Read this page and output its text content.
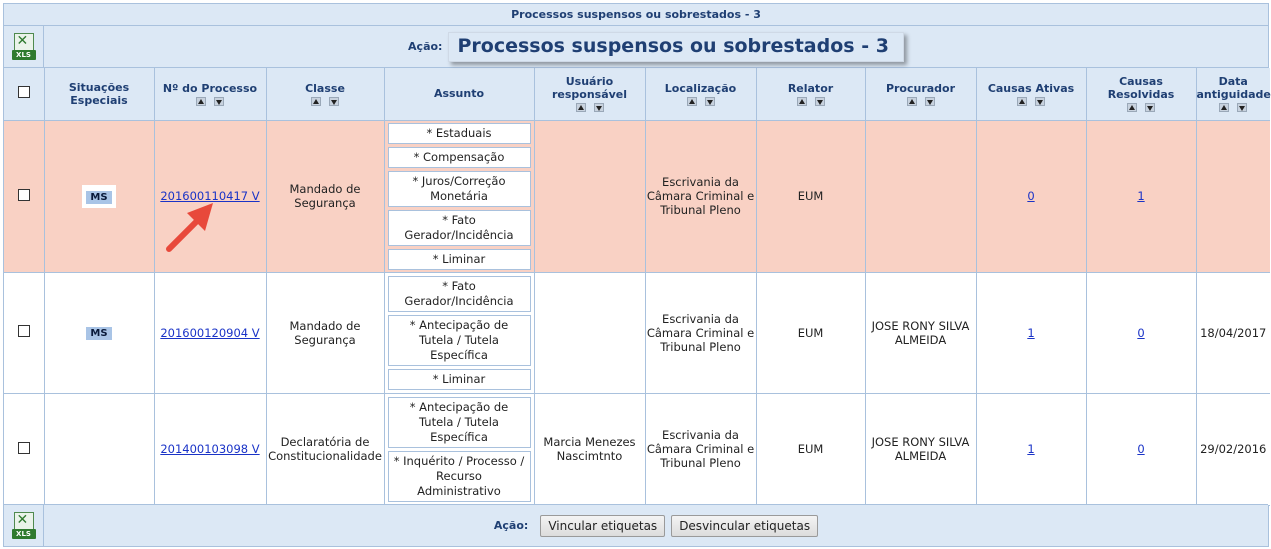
Processos suspensos ou sobrestados - 3
✕
XLS
Ação: Processos suspensos ou sobrestados - 3

	Situações Especiais	Nº do Processo	Classe	Assunto	Usuário responsável	Localização	Relator	Procurador	Causas Ativas	Causas Resolvidas	Data antiguidade

	MS	201600110417 V	Mandado de Segurança	* Estaduais
* Compensação
* Juros/Correção Monetária
* Fato Gerador/Incidência
* Liminar		Escrivania da Câmara Criminal e Tribunal Pleno	EUM		0	1	
	MS	201600120904 V	Mandado de Segurança	* Fato Gerador/Incidência
* Antecipação de Tutela / Tutela Específica
* Liminar		Escrivania da Câmara Criminal e Tribunal Pleno	EUM	JOSE RONY SILVA ALMEIDA	1	0	18/04/2017
		201400103098 V	Declaratória de Constitucionalidade	* Antecipação de Tutela / Tutela Específica
* Inquérito / Processo / Recurso Administrativo	Marcia Menezes Nascimtnto	Escrivania da Câmara Criminal e Tribunal Pleno	EUM	JOSE RONY SILVA ALMEIDA	1	0	29/02/2016
✕
XLS
Ação:	Vincular etiquetas	Desvincular etiquetas
